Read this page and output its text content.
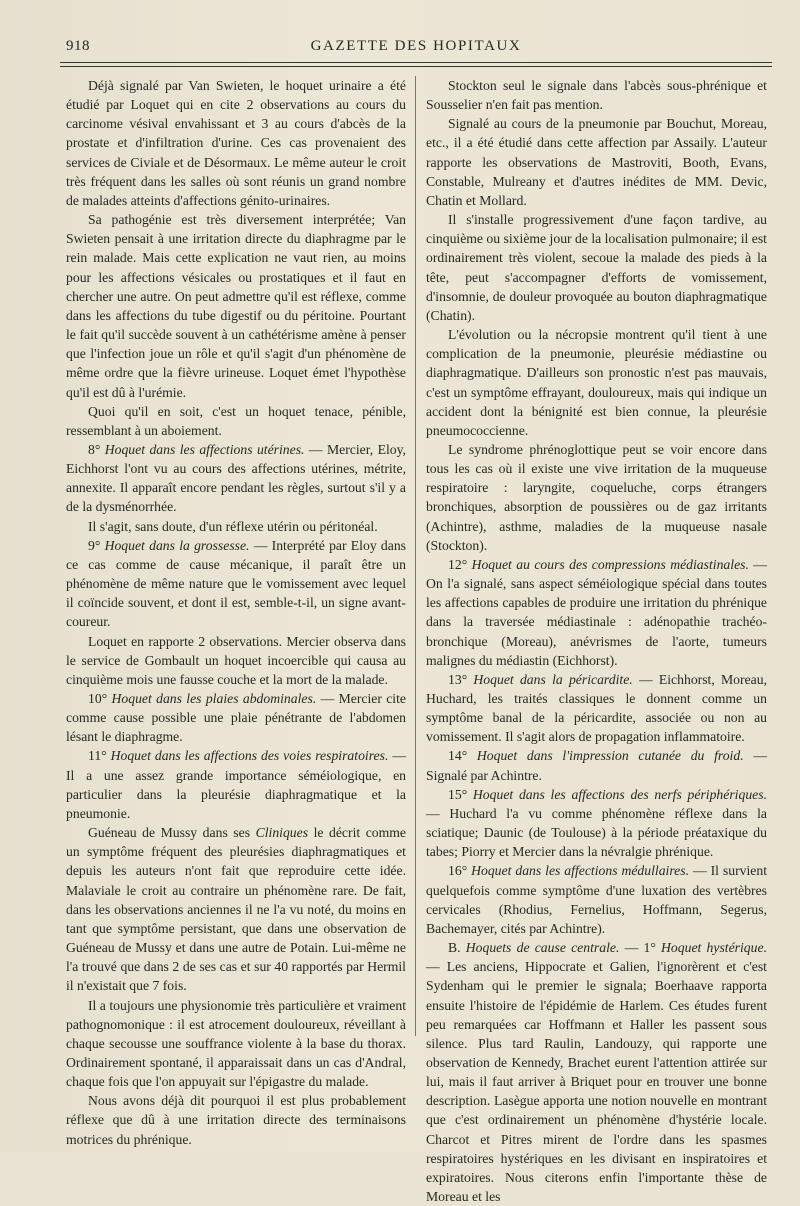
918	GAZETTE DES HOPITAUX

Déjà signalé par Van Swieten, le hoquet urinaire a été étudié par Loquet qui en cite 2 observations au cours du carcinome vésival envahissant et 3 au cours d'abcès de la prostate et d'infiltration d'urine. Ces cas provenaient des services de Civiale et de Désormaux. Le même auteur le croit très fréquent dans les salles où sont réunis un grand nombre de malades atteints d'affections génito-urinaires.

Sa pathogénie est très diversement interprétée; Van Swieten pensait à une irritation directe du diaphragme par le rein malade. Mais cette explication ne vaut rien, au moins pour les affections vésicales ou prostatiques et il faut en chercher une autre. On peut admettre qu'il est réflexe, comme dans les affections du tube digestif ou du péritoine. Pourtant le fait qu'il succède souvent à un cathétérisme amène à penser que l'infection joue un rôle et qu'il s'agit d'un phénomène de même ordre que la fièvre urineuse. Loquet émet l'hypothèse qu'il est dû à l'urémie.

Quoi qu'il en soit, c'est un hoquet tenace, pénible, ressemblant à un aboiement.

8° Hoquet dans les affections utérines. — Mercier, Eloy, Eichhorst l'ont vu au cours des affections utérines, métrite, annexite. Il apparaît encore pendant les règles, surtout s'il y a de la dysménorrhée.

Il s'agit, sans doute, d'un réflexe utérin ou péritonéal.

9° Hoquet dans la grossesse. — Interprété par Eloy dans ce cas comme de cause mécanique, il paraît être un phénomène de même nature que le vomissement avec lequel il coïncide souvent, et dont il est, semble-t-il, un signe avant-coureur.

Loquet en rapporte 2 observations. Mercier observa dans le service de Gombault un hoquet incoercible qui causa au cinquième mois une fausse couche et la mort de la malade.

10° Hoquet dans les plaies abdominales. — Mercier cite comme cause possible une plaie pénétrante de l'abdomen lésant le diaphragme.

11° Hoquet dans les affections des voies respiratoires. — Il a une assez grande importance séméiologique, en particulier dans la pleurésie diaphragmatique et la pneumonie.

Guéneau de Mussy dans ses Cliniques le décrit comme un symptôme fréquent des pleurésies diaphragmatiques et depuis les auteurs n'ont fait que reproduire cette idée. Malaviale le croit au contraire un phénomène rare. De fait, dans les observations anciennes il ne l'a vu noté, du moins en tant que symptôme persistant, que dans une observation de Guéneau de Mussy et dans une autre de Potain. Lui-même ne l'a trouvé que dans 2 de ses cas et sur 40 rapportés par Hermil il n'existait que 7 fois.

Il a toujours une physionomie très particulière et vraiment pathognomonique : il est atrocement douloureux, réveillant à chaque secousse une souffrance violente à la base du thorax. Ordinairement spontané, il apparaissait dans un cas d'Andral, chaque fois que l'on appuyait sur l'épigastre du malade.

Nous avons déjà dit pourquoi il est plus probablement réflexe que dû à une irritation directe des terminaisons motrices du phrénique.

Stockton seul le signale dans l'abcès sous-phrénique et Sousselier n'en fait pas mention.

Signalé au cours de la pneumonie par Bouchut, Moreau, etc., il a été étudié dans cette affection par Assaily. L'auteur rapporte les observations de Mastroviti, Booth, Evans, Constable, Mulreany et d'autres inédites de MM. Devic, Chatin et Mollard.

Il s'installe progressivement d'une façon tardive, au cinquième ou sixième jour de la localisation pulmonaire; il est ordinairement très violent, secoue la malade des pieds à la tête, peut s'accompagner d'efforts de vomissement, d'insomnie, de douleur provoquée au bouton diaphragmatique (Chatin).

L'évolution ou la nécropsie montrent qu'il tient à une complication de la pneumonie, pleurésie médiastine ou diaphragmatique. D'ailleurs son pronostic n'est pas mauvais, c'est un symptôme effrayant, douloureux, mais qui indique un accident dont la bénignité est bien connue, la pleurésie pneumococcienne.

Le syndrome phrénoglottique peut se voir encore dans tous les cas où il existe une vive irritation de la muqueuse respiratoire : laryngite, coqueluche, corps étrangers bronchiques, absorption de poussières ou de gaz irritants (Achintre), asthme, maladies de la muqueuse nasale (Stockton).

12° Hoquet au cours des compressions médiastinales. — On l'a signalé, sans aspect séméiologique spécial dans toutes les affections capables de produire une irritation du phrénique dans la traversée médiastinale : adénopathie trachéo-bronchique (Moreau), anévrismes de l'aorte, tumeurs malignes du médiastin (Eichhorst).

13° Hoquet dans la péricardite. — Eichhorst, Moreau, Huchard, les traités classiques le donnent comme un symptôme banal de la péricardite, associée ou non au vomissement. Il s'agit alors de propagation inflammatoire.

14° Hoquet dans l'impression cutanée du froid. — Signalé par Achintre.

15° Hoquet dans les affections des nerfs périphériques. — Huchard l'a vu comme phénomène réflexe dans la sciatique; Daunic (de Toulouse) à la période préataxique du tabes; Piorry et Mercier dans la névralgie phrénique.

16° Hoquet dans les affections médullaires. — Il survient quelquefois comme symptôme d'une luxation des vertèbres cervicales (Rhodius, Fernelius, Hoffmann, Segerus, Bachemayer, cités par Achintre).

B. Hoquets de cause centrale. — 1° Hoquet hystérique. — Les anciens, Hippocrate et Galien, l'ignorèrent et c'est Sydenham qui le premier le signala; Boerhaave rapporta ensuite l'histoire de l'épidémie de Harlem. Ces études furent peu remarquées car Hoffmann et Haller les passent sous silence. Plus tard Raulin, Landouzy, qui rapporte une observation de Kennedy, Brachet eurent l'attention attirée sur lui, mais il faut arriver à Briquet pour en trouver une bonne description. Lasègue apporta une notion nouvelle en montrant que c'est ordinairement un phénomène d'hystérie locale. Charcot et Pitres mirent de l'ordre dans les spasmes respiratoires hystériques en les divisant en inspiratoires et expiratoires. Nous citerons enfin l'importante thèse de Moreau et les
